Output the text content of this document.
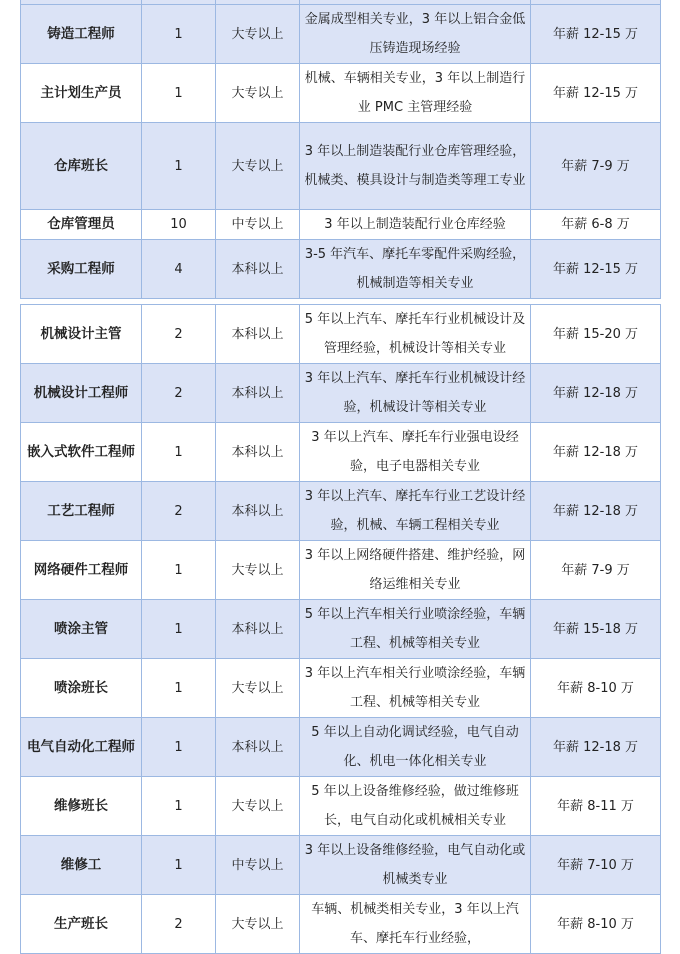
铸造工程师	1	大专以上	金属成型相关专业，3 年以上铝合金低压铸造现场经验	年薪 12-15 万
主计划生产员	1	大专以上	机械、车辆相关专业，3 年以上制造行业 PMC 主管理经验	年薪 12-15 万
仓库班长	1	大专以上	3 年以上制造装配行业仓库管理经验，机械类、模具设计与制造类等理工专业	年薪 7-9 万
仓库管理员	10	中专以上	3 年以上制造装配行业仓库经验	年薪 6-8 万
采购工程师	4	本科以上	3-5 年汽车、摩托车零配件采购经验，机械制造等相关专业	年薪 12-15 万
机械设计主管	2	本科以上	5 年以上汽车、摩托车行业机械设计及管理经验，机械设计等相关专业	年薪 15-20 万
机械设计工程师	2	本科以上	3 年以上汽车、摩托车行业机械设计经验，机械设计等相关专业	年薪 12-18 万
嵌入式软件工程师	1	本科以上	3 年以上汽车、摩托车行业强电设经验，电子电器相关专业	年薪 12-18 万
工艺工程师	2	本科以上	3 年以上汽车、摩托车行业工艺设计经验，机械、车辆工程相关专业	年薪 12-18 万
网络硬件工程师	1	大专以上	3 年以上网络硬件搭建、维护经验，网络运维相关专业	年薪 7-9 万
喷涂主管	1	本科以上	5 年以上汽车相关行业喷涂经验，车辆工程、机械等相关专业	年薪 15-18 万
喷涂班长	1	大专以上	3 年以上汽车相关行业喷涂经验，车辆工程、机械等相关专业	年薪 8-10 万
电气自动化工程师	1	本科以上	5 年以上自动化调试经验，电气自动化、机电一体化相关专业	年薪 12-18 万
维修班长	1	大专以上	5 年以上设备维修经验，做过维修班长，电气自动化或机械相关专业	年薪 8-11 万
维修工	1	中专以上	3 年以上设备维修经验，电气自动化或机械类专业	年薪 7-10 万
生产班长	2	大专以上	车辆、机械类相关专业，3 年以上汽车、摩托车行业经验，	年薪 8-10 万
